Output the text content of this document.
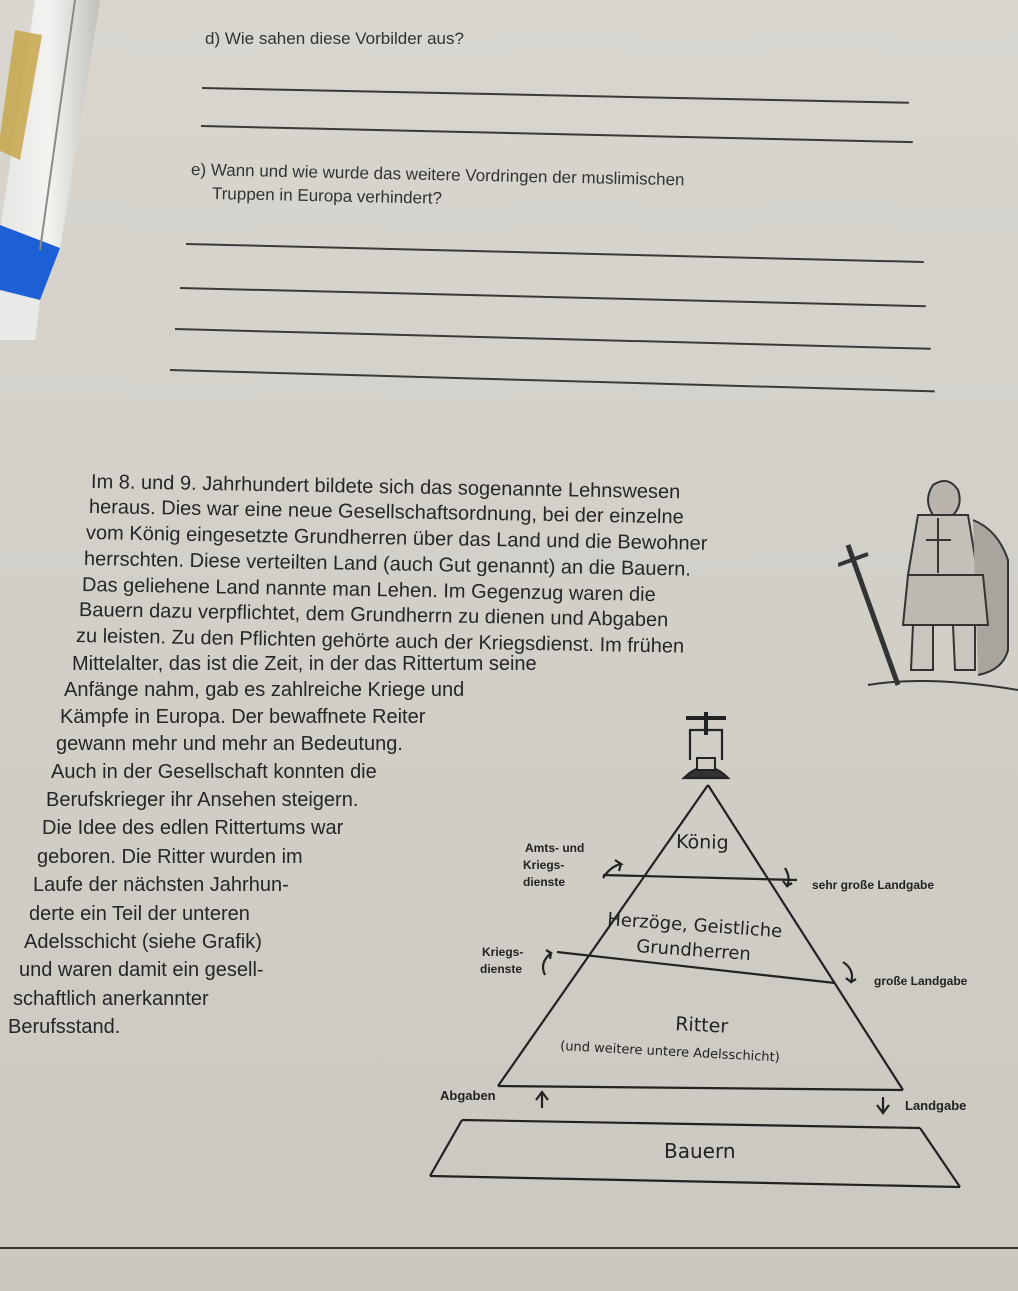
d) Wie sahen diese Vorbilder aus?
e) Wann und wie wurde das weitere Vordringen der muslimischen
Truppen in Europa verhindert?
Im 8. und 9. Jahrhundert bildete sich das sogenannte Lehnswesen
heraus. Dies war eine neue Gesellschaftsordnung, bei der einzelne
vom König eingesetzte Grundherren über das Land und die Bewohner
herrschten. Diese verteilten Land (auch Gut genannt) an die Bauern.
Das geliehene Land nannte man Lehen. Im Gegenzug waren die
Bauern dazu verpflichtet, dem Grundherrn zu dienen und Abgaben
zu leisten. Zu den Pflichten gehörte auch der Kriegsdienst. Im frühen
Mittelalter, das ist die Zeit, in der das Rittertum seine
Anfänge nahm, gab es zahlreiche Kriege und
Kämpfe in Europa. Der bewaffnete Reiter
gewann mehr und mehr an Bedeutung.
Auch in der Gesellschaft konnten die
Berufskrieger ihr Ansehen steigern.
Die Idee des edlen Rittertums war
geboren. Die Ritter wurden im
Laufe der nächsten Jahrhun-
derte ein Teil der unteren
Adelsschicht (siehe Grafik)
und waren damit ein gesell-
schaftlich anerkannter
Berufsstand.
König
Amts- und
Kriegs-
dienste	sehr große Landgabe
Herzöge, Geistliche
Grundherren
Kriegs-
dienste
große Landgabe
Ritter
(und weitere untere Adelsschicht)
Abgaben
Landgabe
Bauern
